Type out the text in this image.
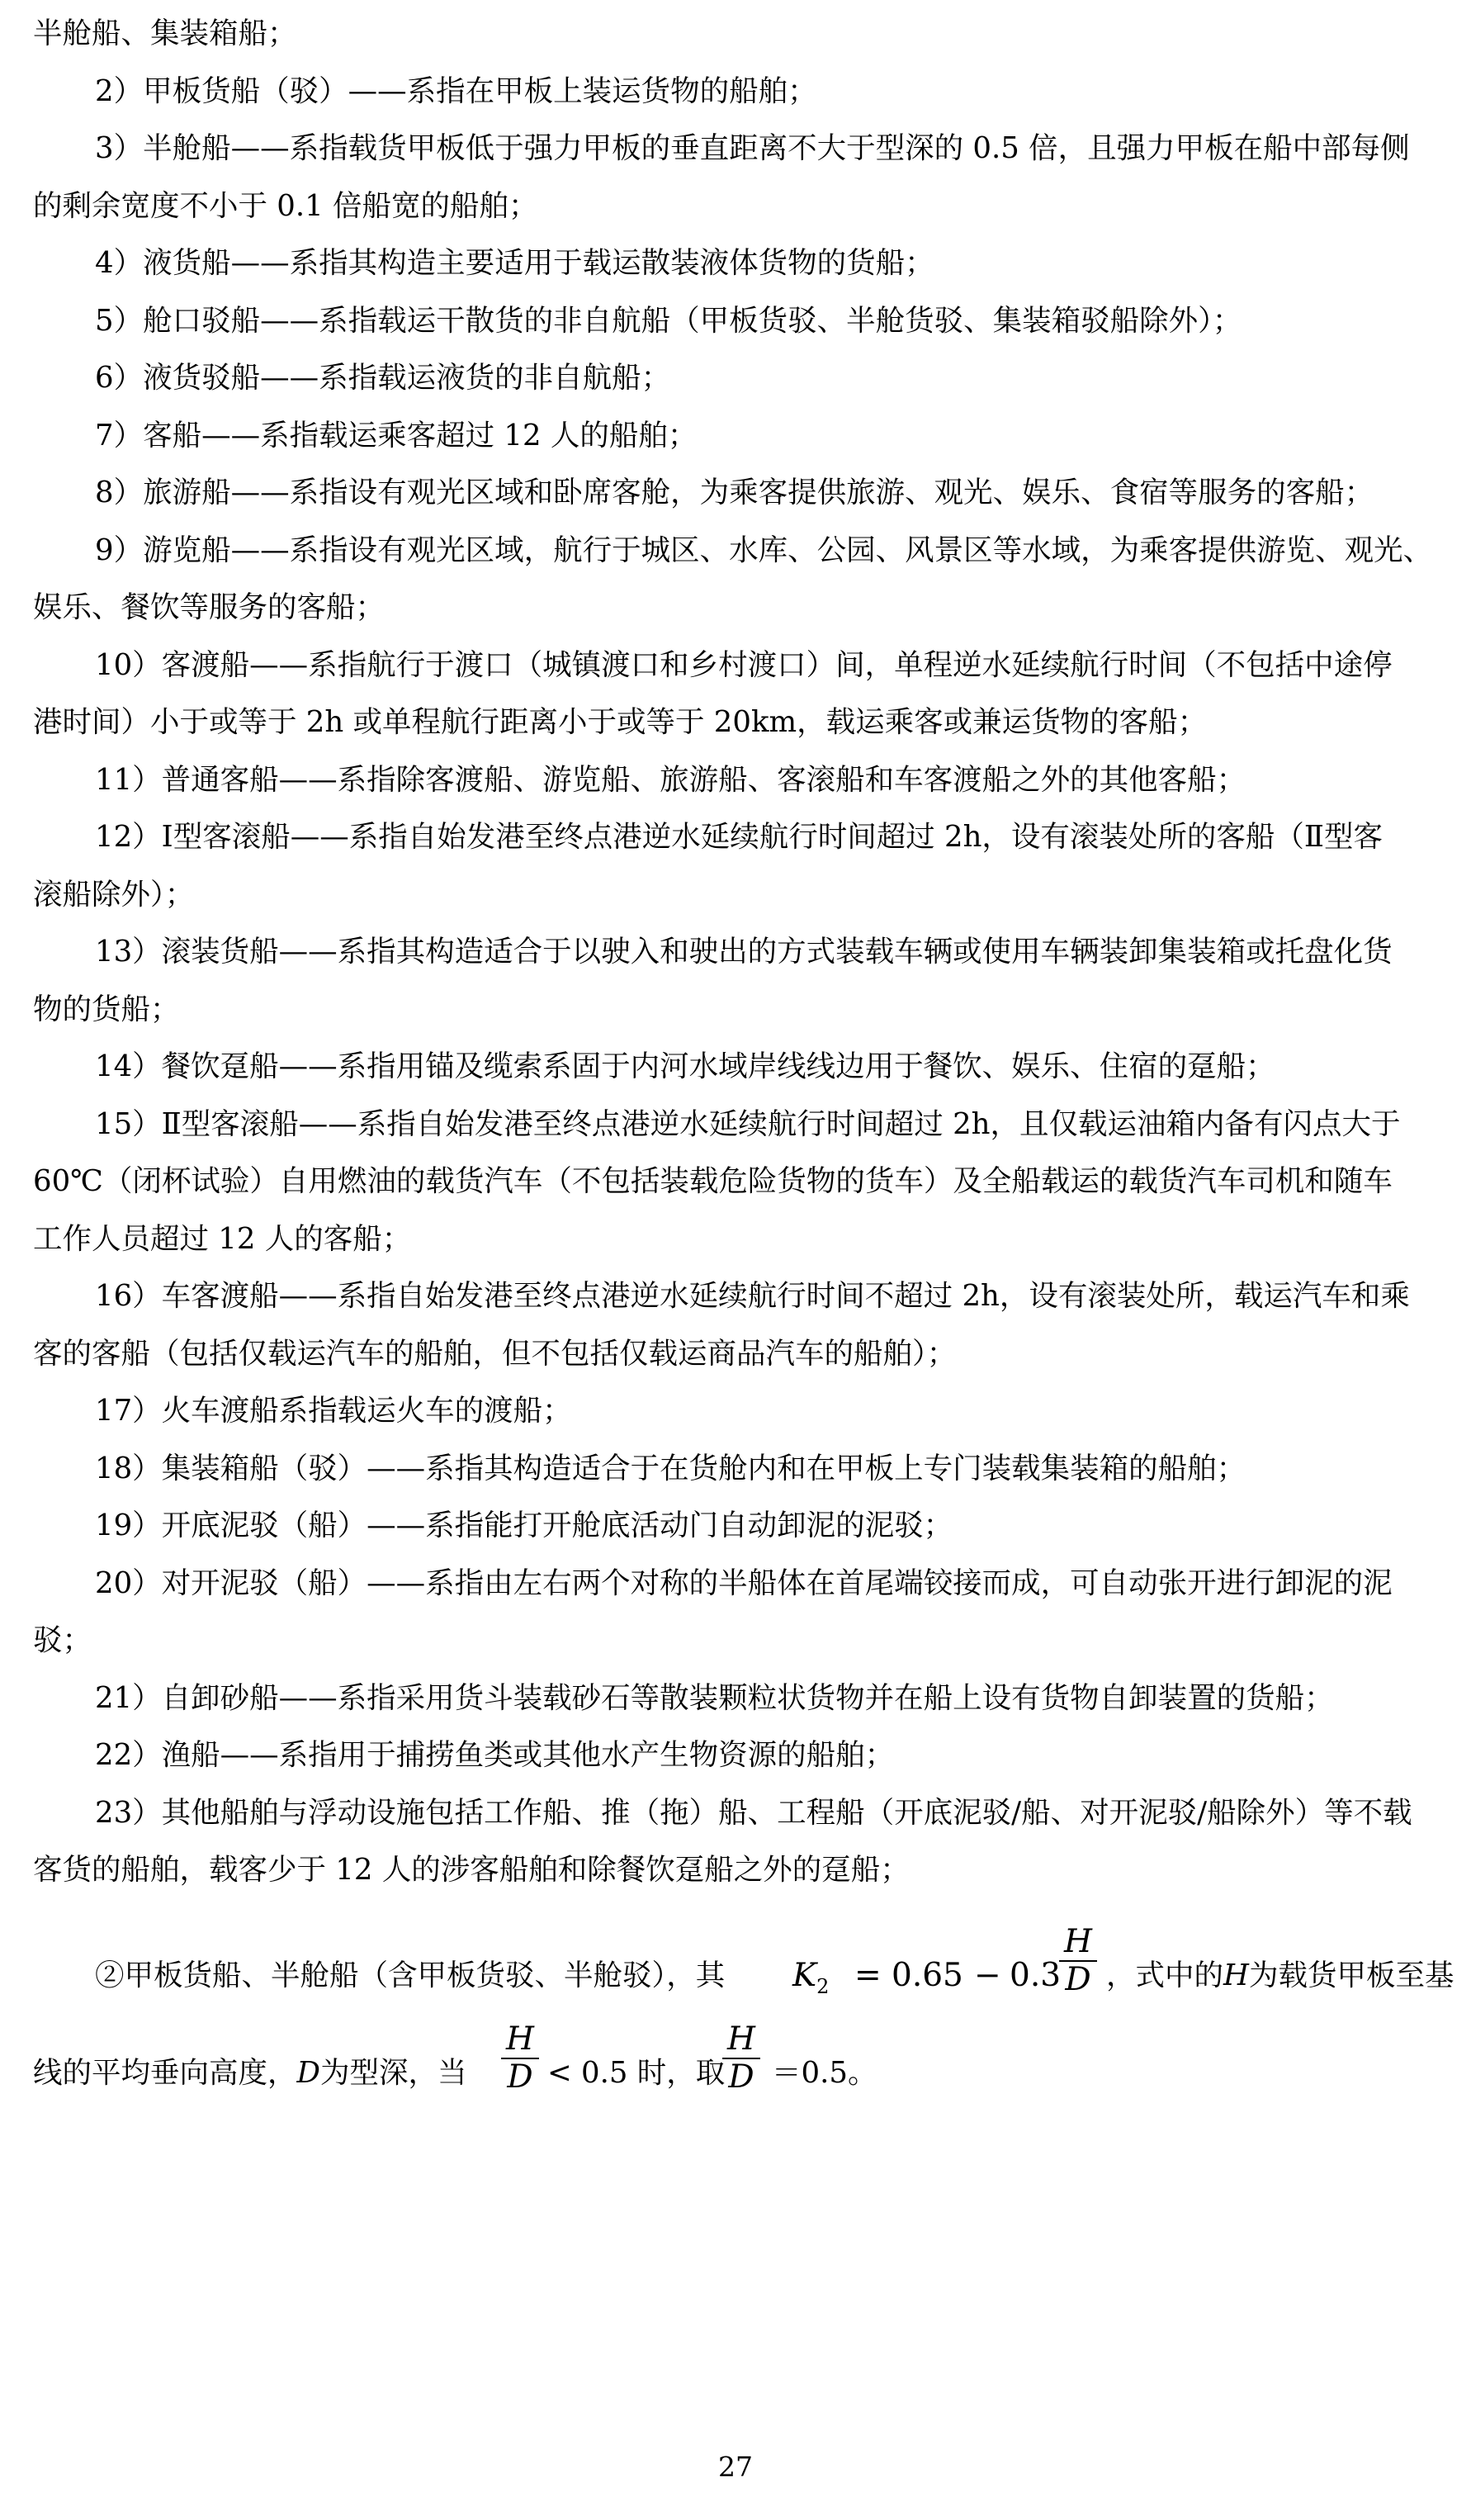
半舱船、集装箱船；
2）甲板货船（驳）——系指在甲板上装运货物的船舶；
3）半舱船——系指载货甲板低于强力甲板的垂直距离不大于型深的 0.5 倍，且强力甲板在船中部每侧
的剩余宽度不小于 0.1 倍船宽的船舶；
4）液货船——系指其构造主要适用于载运散装液体货物的货船；
5）舱口驳船——系指载运干散货的非自航船（甲板货驳、半舱货驳、集装箱驳船除外）；
6）液货驳船——系指载运液货的非自航船；
7）客船——系指载运乘客超过 12 人的船舶；
8）旅游船——系指设有观光区域和卧席客舱，为乘客提供旅游、观光、娱乐、食宿等服务的客船；
9）游览船——系指设有观光区域，航行于城区、水库、公园、风景区等水域，为乘客提供游览、观光、
娱乐、餐饮等服务的客船；
10）客渡船——系指航行于渡口（城镇渡口和乡村渡口）间，单程逆水延续航行时间（不包括中途停
港时间）小于或等于 2h 或单程航行距离小于或等于 20km，载运乘客或兼运货物的客船；
11）普通客船——系指除客渡船、游览船、旅游船、客滚船和车客渡船之外的其他客船；
12）Ⅰ型客滚船——系指自始发港至终点港逆水延续航行时间超过 2h，设有滚装处所的客船（Ⅱ型客
滚船除外）；
13）滚装货船——系指其构造适合于以驶入和驶出的方式装载车辆或使用车辆装卸集装箱或托盘化货
物的货船；
14）餐饮趸船——系指用锚及缆索系固于内河水域岸线线边用于餐饮、娱乐、住宿的趸船；
15）Ⅱ型客滚船——系指自始发港至终点港逆水延续航行时间超过 2h，且仅载运油箱内备有闪点大于
60℃（闭杯试验）自用燃油的载货汽车（不包括装载危险货物的货车）及全船载运的载货汽车司机和随车
工作人员超过 12 人的客船；
16）车客渡船——系指自始发港至终点港逆水延续航行时间不超过 2h，设有滚装处所，载运汽车和乘
客的客船（包括仅载运汽车的船舶，但不包括仅载运商品汽车的船舶）；
17）火车渡船系指载运火车的渡船；
18）集装箱船（驳）——系指其构造适合于在货舱内和在甲板上专门装载集装箱的船舶；
19）开底泥驳（船）——系指能打开舱底活动门自动卸泥的泥驳；
20）对开泥驳（船）——系指由左右两个对称的半船体在首尾端铰接而成，可自动张开进行卸泥的泥
驳；
21）自卸砂船——系指采用货斗装载砂石等散装颗粒状货物并在船上设有货物自卸装置的货船；
22）渔船——系指用于捕捞鱼类或其他水产生物资源的船舶；
23）其他船舶与浮动设施包括工作船、推（拖）船、工程船（开底泥驳/船、对开泥驳/船除外）等不载
客货的船舶，载客少于 12 人的涉客船舶和除餐饮趸船之外的趸船；
②甲板货船、半舱船（含甲板货驳、半舱驳），其 $K_2 = 0.65 - 0.3$
$\frac{H}{D}$ ，式中的H为载货甲板至基
线的平均垂向高度，D为型深，当 $\frac{H}{D} < 0.5$ 时，取
$\frac{H}{D} =0.5$。
27
